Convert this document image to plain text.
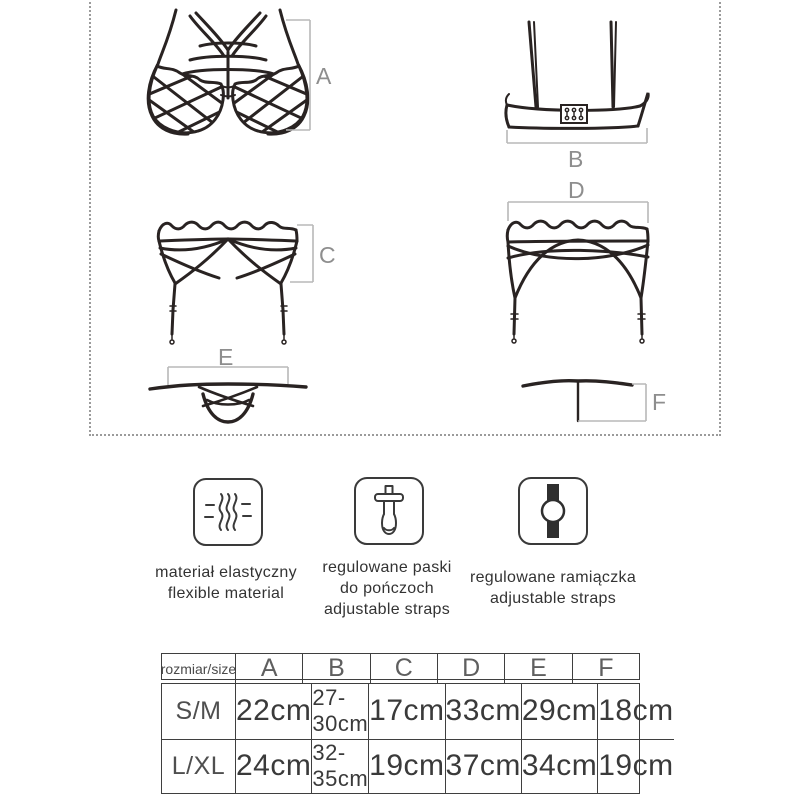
A
B
C
D
E
F
materiał elastyczny
flexible material
regulowane paski
do pończoch
adjustable straps
regulowane ramiączka
adjustable straps
rozmiar/size A	B	C	D	E	F
S/M 22cm 27-30cm 17cm 33cm 29cm 18cm
L/XL 24cm 32-35cm 19cm 37cm 34cm 19cm
